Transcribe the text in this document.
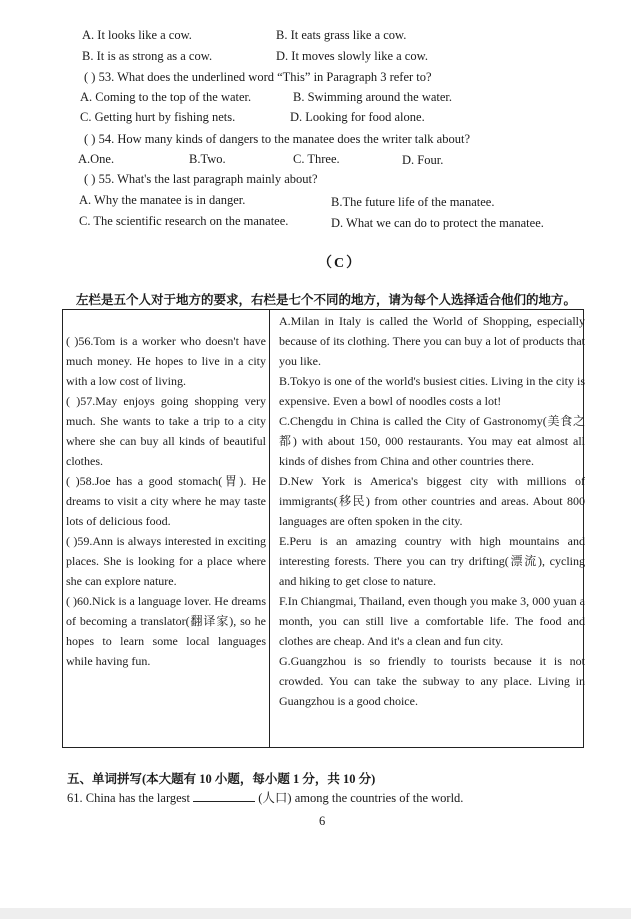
A. It looks like a cow.	B. It eats grass like a cow.
B. It is as strong as a cow.	D. It moves slowly like a cow.
( ) 53. What does the underlined word “This” in Paragraph 3 refer to?
A. Coming to the top of the water.	B. Swimming around the water.
C. Getting hurt by fishing nets.	D. Looking for food alone.
( ) 54. How many kinds of dangers to the manatee does the writer talk about?
A.One.	B.Two.	C. Three.	D. Four.
( ) 55. What's the last paragraph mainly about?
A. Why the manatee is in danger.	B.The future life of the manatee.
C. The scientific research on the manatee.	D. What we can do to protect the manatee.
（C）
左栏是五个人对于地方的要求，右栏是七个不同的地方，请为每个人选择适合他们的地方。

( )56.Tom is a worker who doesn't have much money. He hopes to live in a city with a low cost of living.

( )57.May enjoys going shopping very much. She wants to take a trip to a city where she can buy all kinds of beautiful clothes.

( )58.Joe has a good stomach(胃). He dreams to visit a city where he may taste lots of delicious food.

( )59.Ann is always interested in exciting places. She is looking for a place where she can explore nature.

( )60.Nick is a language lover. He dreams of becoming a translator(翻译家), so he hopes to learn some local languages while having fun.

A.Milan in Italy is called the World of Shopping, especially because of its clothing. There you can buy a lot of products that you like.

B.Tokyo is one of the world's busiest cities. Living in the city is expensive. Even a bowl of noodles costs a lot!

C.Chengdu in China is called the City of Gastronomy(美食之都) with about 150, 000 restaurants. You may eat almost all kinds of dishes from China and other countries there.

D.New York is America's biggest city with millions of immigrants(移民) from other countries and areas. About 800 languages are often spoken in the city.

E.Peru is an amazing country with high mountains and interesting forests. There you can try drifting(漂流), cycling and hiking to get close to nature.

F.In Chiangmai, Thailand, even though you make 3, 000 yuan a month, you can still live a comfortable life. The food and clothes are cheap. And it's a clean and fun city.

G.Guangzhou is so friendly to tourists because it is not crowded. You can take the subway to any place. Living in Guangzhou is a good choice.

五、单词拼写(本大题有 10 小题，每小题 1 分，共 10 分)
61. China has the largest	(人口) among the countries of the world.
6
